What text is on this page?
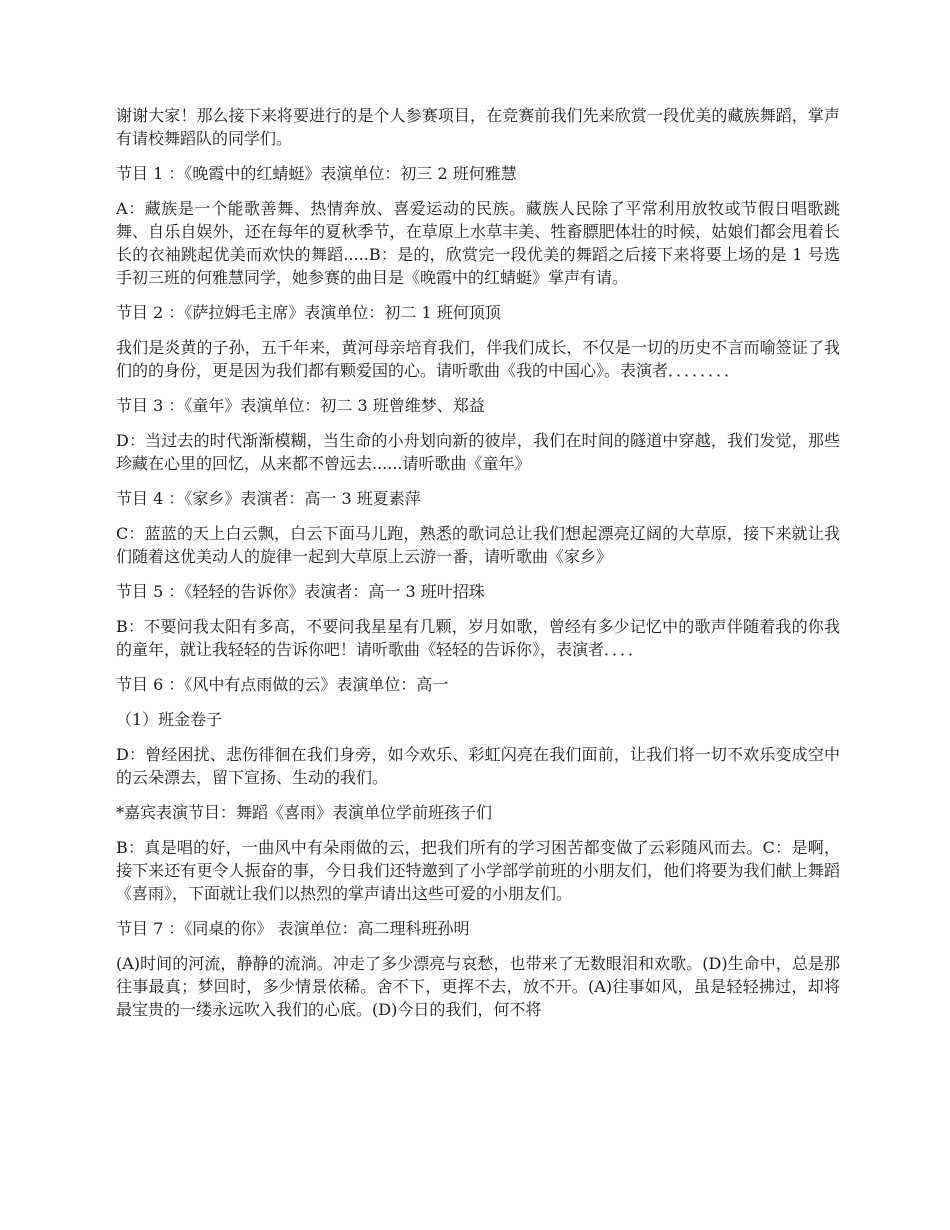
谢谢大家！那么接下来将要进行的是个人参赛项目，在竞赛前我们先来欣赏一段优美的藏族舞蹈，掌声有请校舞蹈队的同学们。

节目 1 ：《晚霞中的红蜻蜓》表演单位：初三 2 班何雅慧

A：藏族是一个能歌善舞、热情奔放、喜爱运动的民族。藏族人民除了平常利用放牧或节假日唱歌跳舞、自乐自娱外，还在每年的夏秋季节，在草原上水草丰美、牲畜膘肥体壮的时候，姑娘们都会甩着长长的衣袖跳起优美而欢快的舞蹈.....B：是的，欣赏完一段优美的舞蹈之后接下来将要上场的是 1 号选手初三班的何雅慧同学，她参赛的曲目是《晚霞中的红蜻蜓》掌声有请。

节目 2 ：《萨拉姆毛主席》表演单位：初二 1 班何顶顶

我们是炎黄的子孙，五千年来，黄河母亲培育我们，伴我们成长，不仅是一切的历史不言而喻签证了我们的的身份，更是因为我们都有颗爱国的心。请听歌曲《我的中国心》。表演者．．．．．．．．

节目 3 ：《童年》表演单位：初二 3 班曾维梦、郑益

D：当过去的时代渐渐模糊，当生命的小舟划向新的彼岸，我们在时间的隧道中穿越，我们发觉，那些珍藏在心里的回忆，从来都不曾远去......请听歌曲《童年》

节目 4 ：《家乡》表演者：高一 3 班夏素萍

C：蓝蓝的天上白云飘，白云下面马儿跑，熟悉的歌词总让我们想起漂亮辽阔的大草原，接下来就让我们随着这优美动人的旋律一起到大草原上云游一番，请听歌曲《家乡》

节目 5 ：《轻轻的告诉你》表演者：高一 3 班叶招珠

B：不要问我太阳有多高，不要问我星星有几颗，岁月如歌，曾经有多少记忆中的歌声伴随着我的你我的童年，就让我轻轻的告诉你吧！请听歌曲《轻轻的告诉你》，表演者．．．．

节目 6 ：《风中有点雨做的云》表演单位：高一

（1）班金卷子

D：曾经困扰、悲伤徘徊在我们身旁，如今欢乐、彩虹闪亮在我们面前，让我们将一切不欢乐变成空中的云朵漂去，留下宣扬、生动的我们。

*嘉宾表演节目：舞蹈《喜雨》表演单位学前班孩子们

B：真是唱的好，一曲风中有朵雨做的云，把我们所有的学习困苦都变做了云彩随风而去。C：是啊，接下来还有更令人振奋的事，今日我们还特邀到了小学部学前班的小朋友们，他们将要为我们献上舞蹈《喜雨》，下面就让我们以热烈的掌声请出这些可爱的小朋友们。

节目 7 ：《同桌的你》 表演单位：高二理科班孙明

(A)时间的河流，静静的流淌。冲走了多少漂亮与哀愁，也带来了无数眼泪和欢歌。(D)生命中，总是那往事最真；梦回时，多少情景依稀。舍不下，更挥不去，放不开。(A)往事如风，虽是轻轻拂过，却将最宝贵的一缕永远吹入我们的心底。(D)今日的我们，何不将
